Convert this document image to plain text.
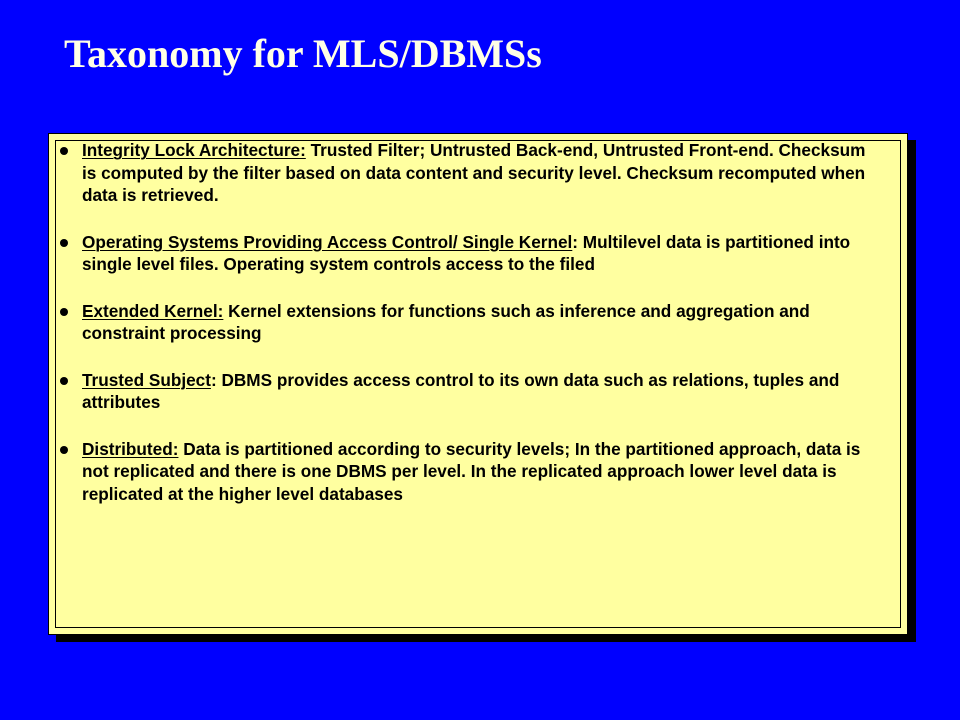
Taxonomy for MLS/DBMSs
Integrity Lock Architecture: Trusted Filter; Untrusted Back-end, Untrusted Front-end. Checksum is computed by the filter based on data content and security level. Checksum recomputed when data is retrieved.
Operating Systems Providing Access Control/ Single Kernel: Multilevel data is partitioned into single level files. Operating system controls access to the filed
Extended Kernel: Kernel extensions for functions such as inference and aggregation and constraint processing
Trusted Subject: DBMS provides access control to its own data such as relations, tuples and attributes
Distributed: Data is partitioned according to security levels; In the partitioned approach, data is not replicated and there is one DBMS per level. In the replicated approach lower level data is replicated at the higher level databases
